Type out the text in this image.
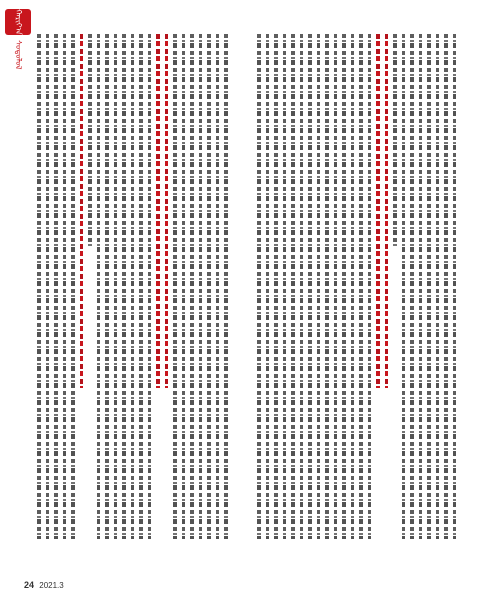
ᠬᠠᠷᠢᠶ᠎ᠠ
ᠰᠤᠳᠤᠯᠤᠯ
24 2021.3
